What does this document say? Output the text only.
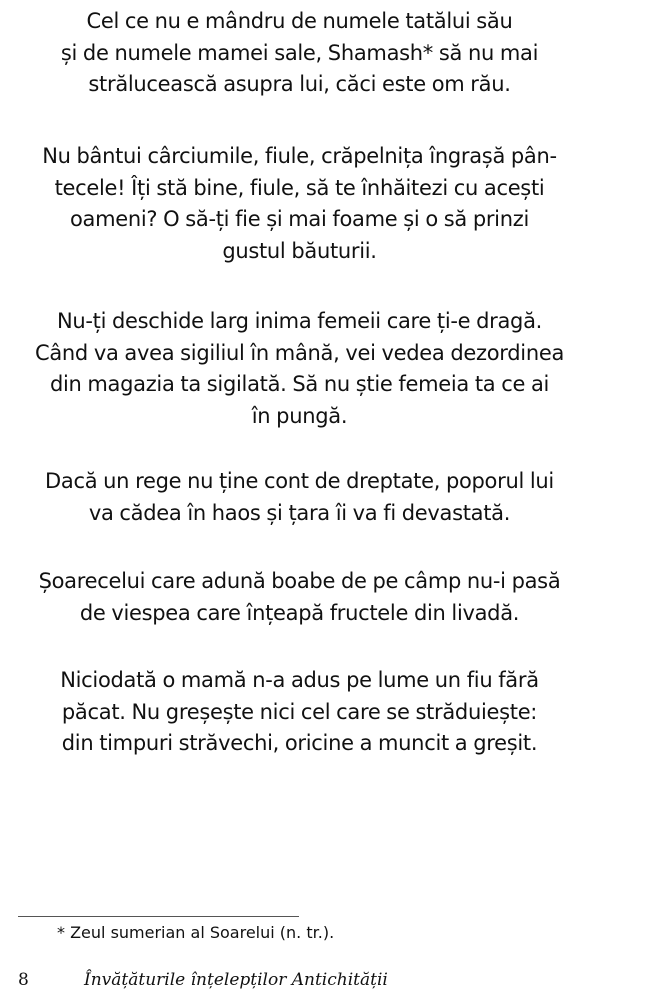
Cel ce nu e mândru de numele tatălui său
și de numele mamei sale, Shamash* să nu mai
strălucească asupra lui, căci este om rău.
Nu bântui cârciumile, fiule, crăpelnița îngrașă pân-
tecele! Îți stă bine, fiule, să te înhăitezi cu acești
oameni? O să-ți fie și mai foame și o să prinzi
gustul băuturii.
Nu-ți deschide larg inima femeii care ți-e dragă.
Când va avea sigiliul în mână, vei vedea dezordinea
din magazia ta sigilată. Să nu știe femeia ta ce ai
în pungă.
Dacă un rege nu ține cont de dreptate, poporul lui
va cădea în haos și țara îi va fi devastată.
Șoarecelui care adună boabe de pe câmp nu-i pasă
de viespea care înțeapă fructele din livadă.
Niciodată o mamă n-a adus pe lume un fiu fără
păcat. Nu greșește nici cel care se străduiește:
din timpuri străvechi, oricine a muncit a greșit.
* Zeul sumerian al Soarelui (n. tr.).
8	Învățăturile înțelepților Antichității
